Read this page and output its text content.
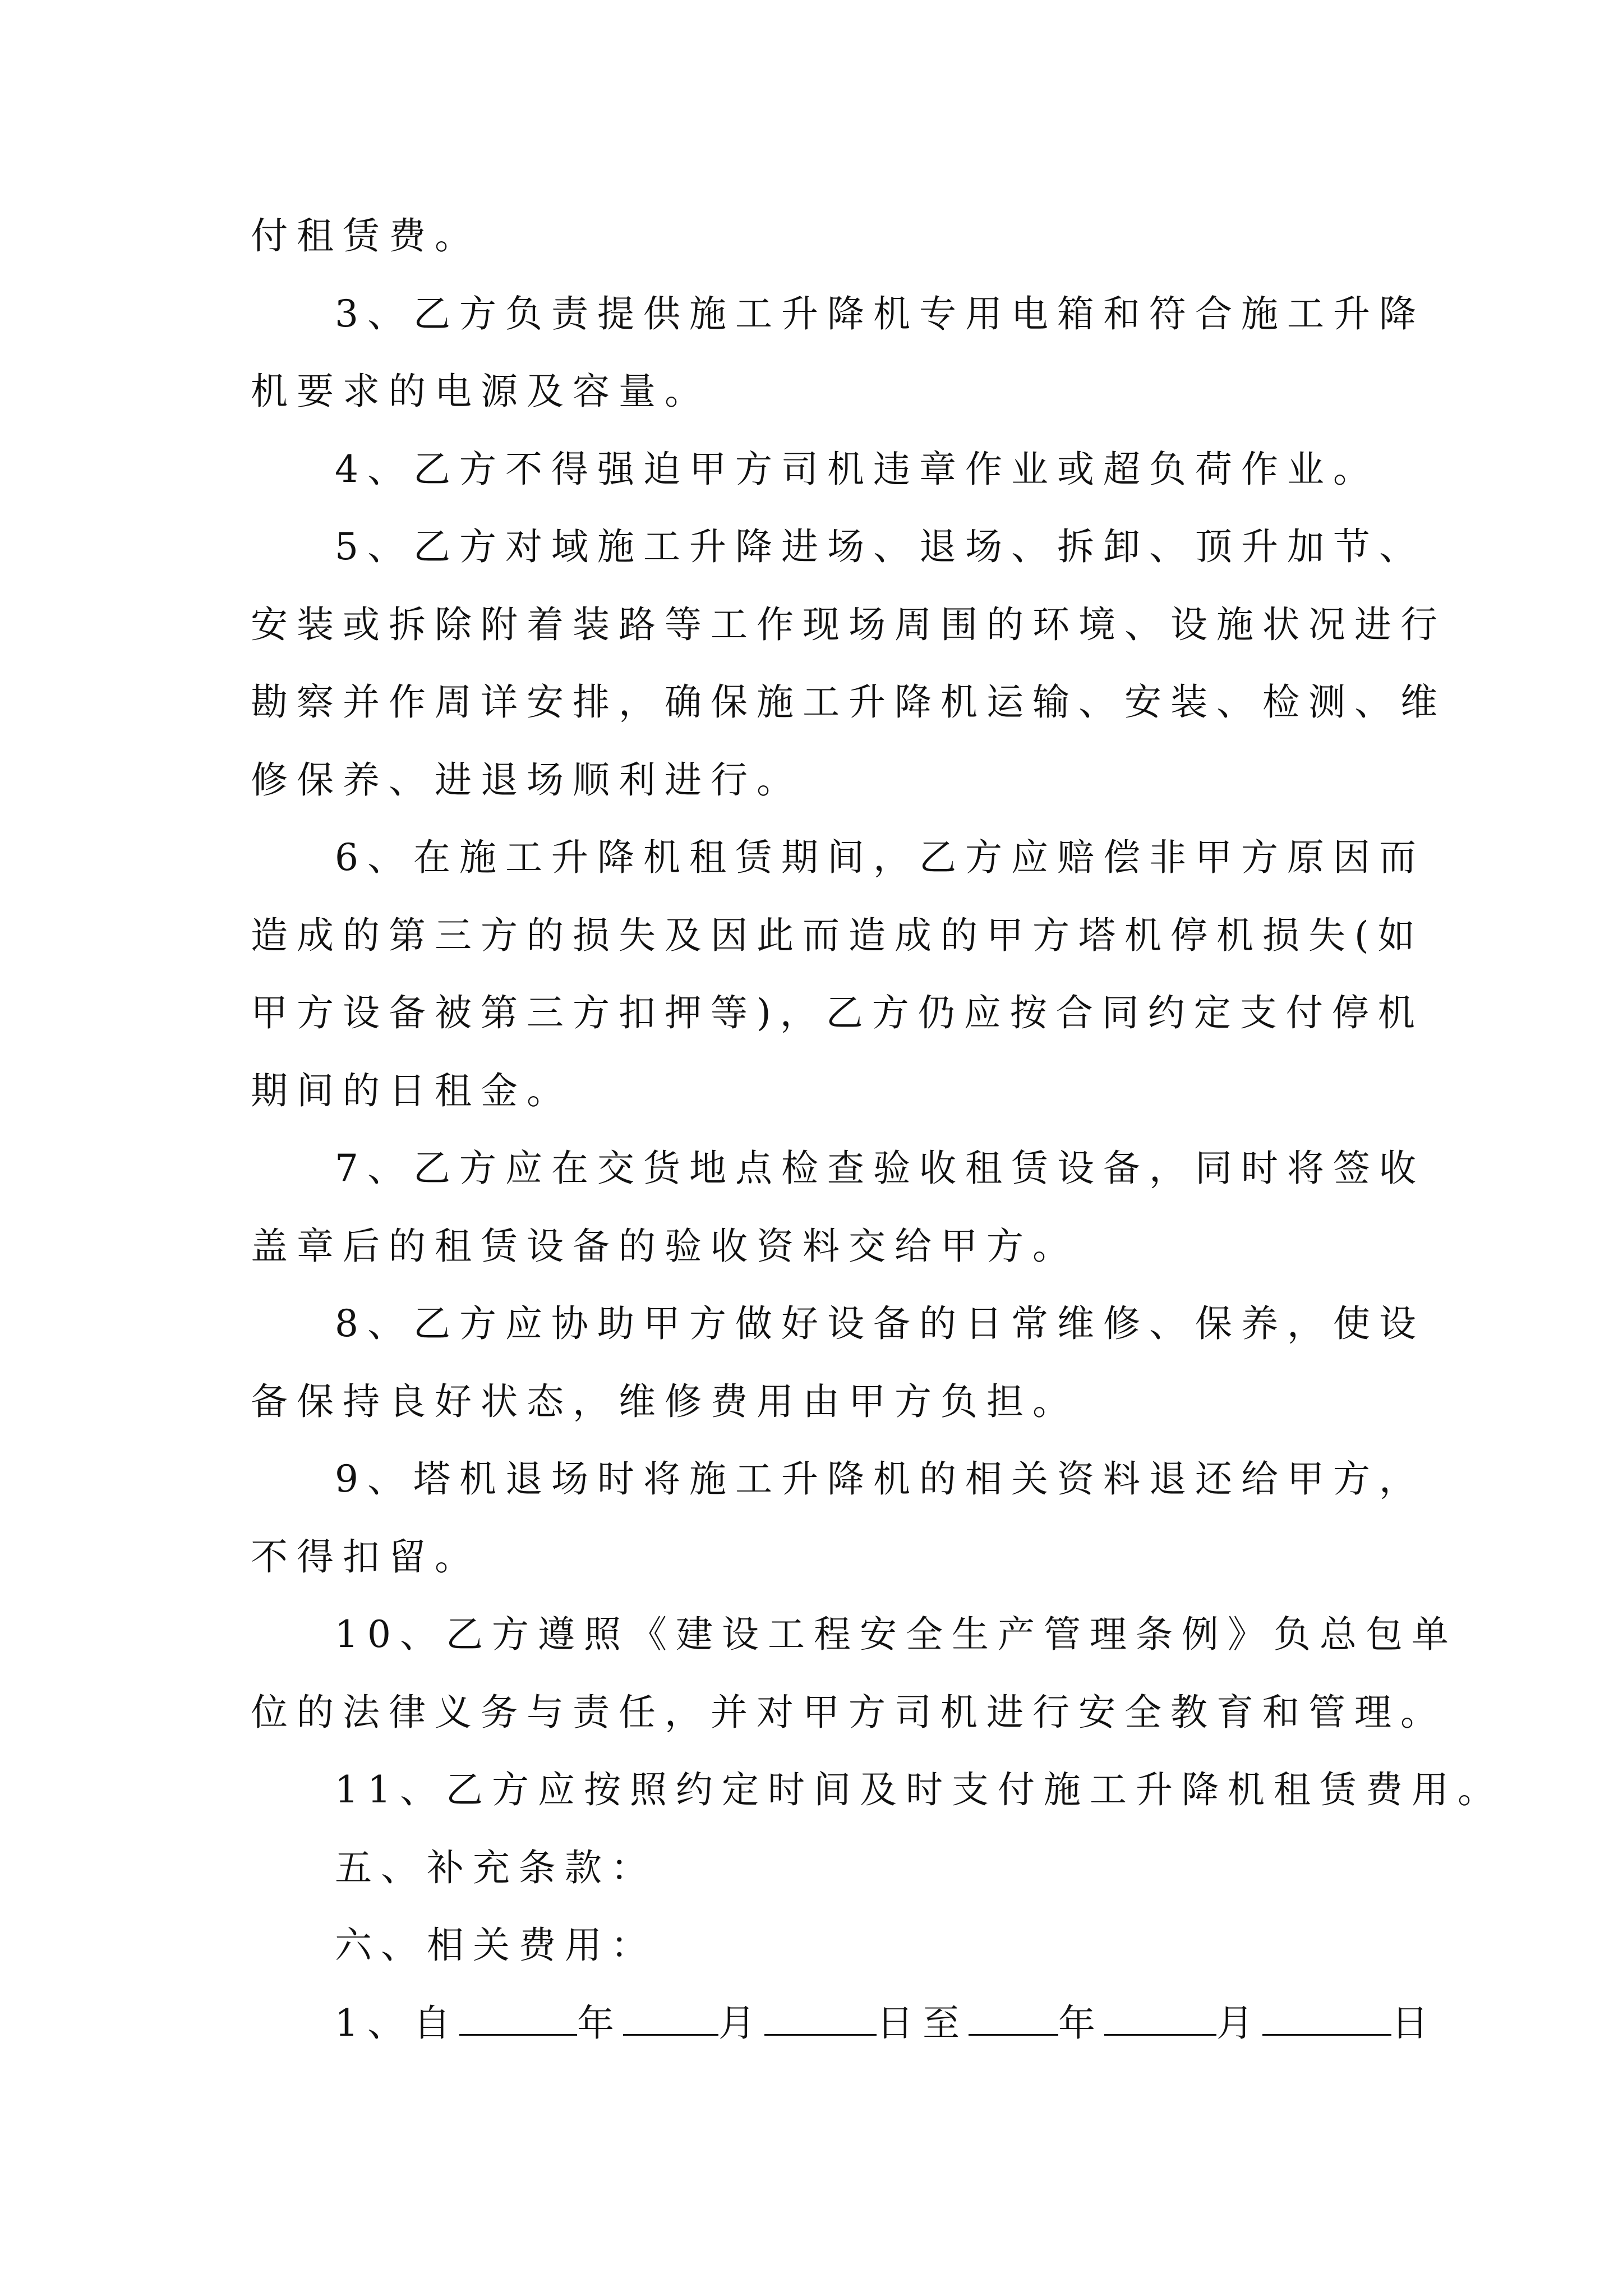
付租赁费。
3、乙方负责提供施工升降机专用电箱和符合施工升降
机要求的电源及容量。
4、乙方不得强迫甲方司机违章作业或超负荷作业。
5、乙方对域施工升降进场、退场、拆卸、顶升加节、
安装或拆除附着装路等工作现场周围的环境、设施状况进行
勘察并作周详安排，确保施工升降机运输、安装、检测、维
修保养、进退场顺利进行。
6、在施工升降机租赁期间，乙方应赔偿非甲方原因而
造成的第三方的损失及因此而造成的甲方塔机停机损失(如
甲方设备被第三方扣押等)，乙方仍应按合同约定支付停机
期间的日租金。
7、乙方应在交货地点检查验收租赁设备，同时将签收
盖章后的租赁设备的验收资料交给甲方。
8、乙方应协助甲方做好设备的日常维修、保养，使设
备保持良好状态，维修费用由甲方负担。
9、塔机退场时将施工升降机的相关资料退还给甲方，
不得扣留。
10、乙方遵照《建设工程安全生产管理条例》负总包单
位的法律义务与责任，并对甲方司机进行安全教育和管理。
11、乙方应按照约定时间及时支付施工升降机租赁费用。
五、补充条款：
六、相关费用：
1、自	年	月	日至 年	月	日
